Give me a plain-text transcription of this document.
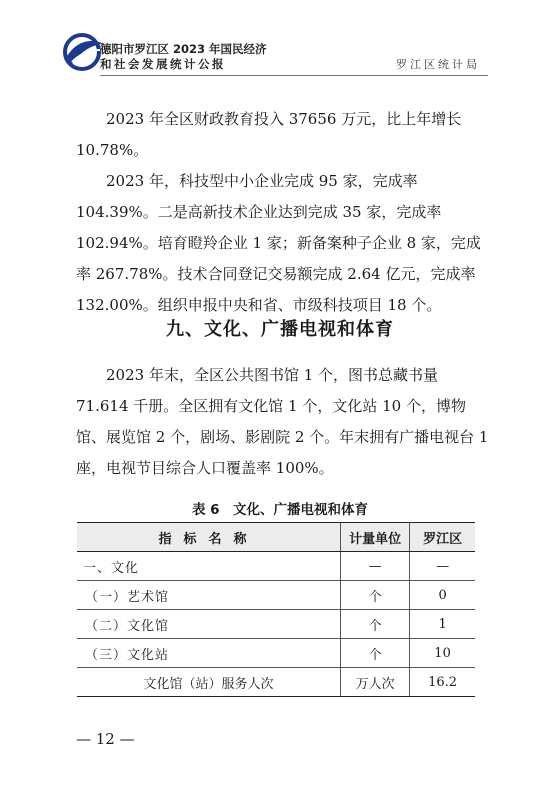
德阳市罗江区 2023 年国民经济
和社会发展统计公报	罗江区统计局

2023 年全区财政教育投入 37656 万元，比上年增长 10.78%。

2023 年，科技型中小企业完成 95 家，完成率 104.39%。二是高新技术企业达到完成 35 家，完成率 102.94%。培育瞪羚企业 1 家；新备案种子企业 8 家，完成率 267.78%。技术合同登记交易额完成 2.64 亿元，完成率 132.00%。组织申报中央和省、市级科技项目 18 个。

九、文化、广播电视和体育

2023 年末，全区公共图书馆 1 个，图书总藏书量 71.614 千册。全区拥有文化馆 1 个，文化站 10 个，博物馆、展览馆 2 个，剧场、影剧院 2 个。年末拥有广播电视台 1 座，电视节目综合人口覆盖率 100%。

表 6　文化、广播电视和体育
指标名称	计量单位	罗江区
一、文化	—	—
（一）艺术馆	个	0
（二）文化馆	个	1
（三）文化站	个	10
文化馆（站）服务人次	万人次	16.2
— 12 —
